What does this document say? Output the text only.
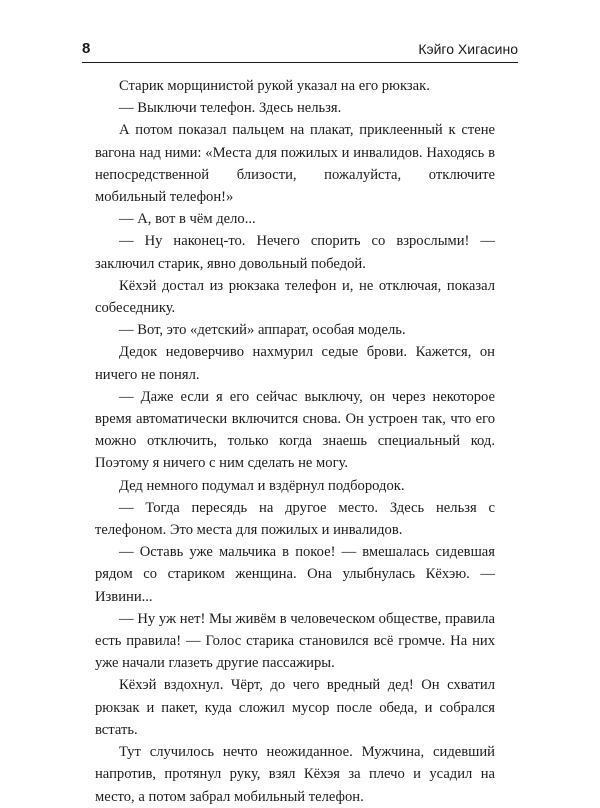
8	Кэйго Хигасино

Старик морщинистой рукой указал на его рюкзак.

— Выключи телефон. Здесь нельзя.

А потом показал пальцем на плакат, приклеенный к стене вагона над ними: «Места для пожилых и инвалидов. Находясь в непосредственной близости, пожалуйста, отключите мобильный телефон!»

— А, вот в чём дело...

— Ну наконец-то. Нечего спорить со взрослыми! — заключил старик, явно довольный победой.

Кёхэй достал из рюкзака телефон и, не отключая, показал собеседнику.

— Вот, это «детский» аппарат, особая модель.

Дедок недоверчиво нахмурил седые брови. Кажется, он ничего не понял.

— Даже если я его сейчас выключу, он через некоторое время автоматически включится снова. Он устроен так, что его можно отключить, только когда знаешь специальный код. Поэтому я ничего с ним сделать не могу.

Дед немного подумал и вздёрнул подбородок.

— Тогда пересядь на другое место. Здесь нельзя с телефоном. Это места для пожилых и инвалидов.

— Оставь уже мальчика в покое! — вмешалась сидевшая рядом со стариком женщина. Она улыбнулась Кёхэю. — Извини...

— Ну уж нет! Мы живём в человеческом обществе, правила есть правила! — Голос старика становился всё громче. На них уже начали глазеть другие пассажиры.

Кёхэй вздохнул. Чёрт, до чего вредный дед! Он схватил рюкзак и пакет, куда сложил мусор после обеда, и собрался встать.

Тут случилось нечто неожиданное. Мужчина, сидевший напротив, протянул руку, взял Кёхэя за плечо и усадил на место, а потом забрал мобильный телефон.
